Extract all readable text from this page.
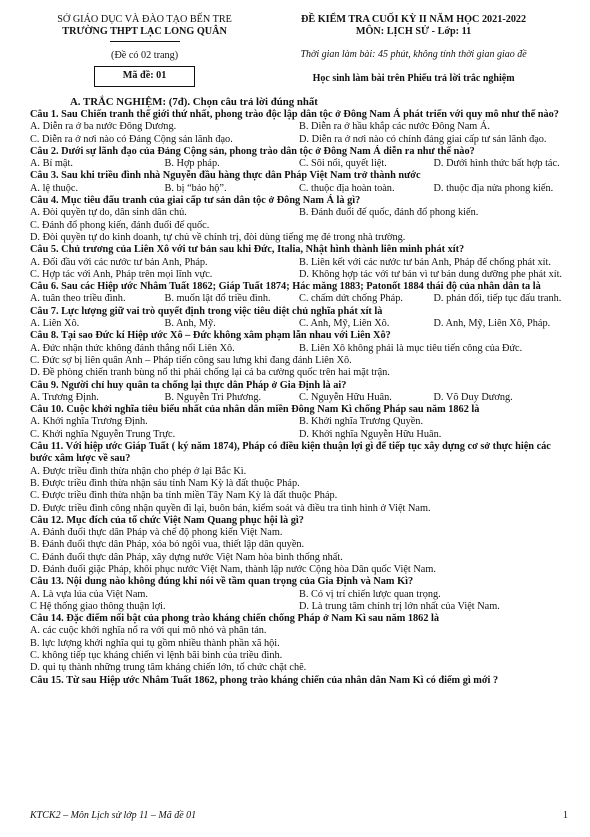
SỞ GIÁO DỤC VÀ ĐÀO TẠO BẾN TRE
TRƯỜNG THPT LẠC LONG QUÂN
(Đề có 02 trang)
Mã đề: 01
ĐỀ KIỂM TRA CUỐI KỲ II NĂM HỌC 2021-2022
MÔN: LỊCH SỬ - Lớp: 11
Thời gian làm bài: 45 phút, không tính thời gian giao đề
Học sinh làm bài trên Phiếu trả lời trắc nghiệm
A. TRẮC NGHIỆM: (7đ). Chọn câu trả lời đúng nhất
Câu 1. Sau Chiến tranh thế giới thứ nhất, phong trào độc lập dân tộc ở Đông Nam Á phát triển với quy mô như thế nào?
A. Diễn ra ở ba nước Đông Dương.	B. Diễn ra ở hầu khắp các nước Đông Nam Á.
C. Diễn ra ở nơi nào có Đảng Cộng sản lãnh đạo.	D. Diễn ra ở nơi nào có chính đảng giai cấp tư sản lãnh đạo.
Câu 2. Dưới sự lãnh đạo của Đảng Cộng sản, phong trào dân tộc ở Đông Nam Á diễn ra như thế nào?
A. Bí mật.	B. Hợp pháp.	C. Sôi nổi, quyết liệt.	D. Dưới hình thức bất hợp tác.
Câu 3. Sau khi triều đình nhà Nguyễn đầu hàng thực dân Pháp Việt Nam trở thành nước
A. lệ thuộc.	B. bị “bảo hộ”.	C. thuộc địa hoàn toàn.	D. thuộc địa nửa phong kiến.
Câu 4. Mục tiêu đấu tranh của giai cấp tư sản dân tộc ở Đông Nam Á là gì?
A. Đòi quyền tự do, dân sinh dân chủ.	B. Đánh đuổi đế quốc, đánh đổ phong kiến.
C. Đánh đổ phong kiến, đánh đuổi đế quốc.
D. Đòi quyền tự do kinh doanh, tự chủ về chính trị, đòi dùng tiếng mẹ đẻ trong nhà trường.
Câu 5. Chủ trương của Liên Xô với tư bản sau khi Đức, Italia, Nhật hình thành liên minh phát xít?
A. Đối đầu với các nước tư bản Anh, Pháp.	B. Liên kết với các nước tư bản Anh, Pháp để chống phát xít.
C. Hợp tác với Anh, Pháp trên mọi lĩnh vực.	D. Không hợp tác với tư bản vì tư bản dung dưỡng phe phát xít.
Câu 6. Sau các Hiệp ước Nhâm Tuất 1862; Giáp Tuất 1874; Hác măng 1883; Patonốt 1884 thái độ của nhân dân ta là
A. tuân theo triều đình.	B. muốn lật đổ triều đình.	C. chấm dứt chống Pháp.	D. phản đối, tiếp tục đấu tranh.
Câu 7. Lực lượng giữ vai trò quyết định trong việc tiêu diệt chủ nghĩa phát xít là
A. Liên Xô.	B. Anh, Mỹ.	C. Anh, Mỹ, Liên Xô.	D. Anh, Mỹ, Liên Xô, Pháp.
Câu 8. Tại sao Đức kí Hiệp ước Xô – Đức không xâm phạm lẫn nhau với Liên Xô?
A. Đức nhận thức không đánh thắng nổi Liên Xô.	B. Liên Xô không phải là mục tiêu tiến công của Đức.
C. Đức sợ bị liên quân Anh – Pháp tiến công sau lưng khi đang đánh Liên Xô.
D. Đề phòng chiến tranh bùng nổ thì phải chống lại cả ba cường quốc trên hai mặt trận.
Câu 9. Người chỉ huy quân ta chống lại thực dân Pháp ở Gia Định là ai?
A. Trương Định.	B. Nguyễn Tri Phương.	C. Nguyễn Hữu Huân.	D. Võ Duy Dương.
Câu 10. Cuộc khởi nghĩa tiêu biểu nhất của nhân dân miền Đông Nam Kì chống Pháp sau năm 1862 là
A. Khởi nghĩa Trương Định.	B. Khởi nghĩa Trương Quyền.
C. Khởi nghĩa Nguyễn Trung Trực.	D. Khởi nghĩa Nguyễn Hữu Huân.
Câu 11. Với hiệp ước Giáp Tuất ( ký năm 1874), Pháp có điều kiện thuận lợi gì để tiếp tục xây dựng cơ sở thực hiện các bước xâm lược về sau?
A. Được triều đình thừa nhận cho phép ở lại Bắc Kì.
B. Được triều đình thừa nhận sáu tỉnh Nam Kỳ là đất thuộc Pháp.
C. Được triều đình thừa nhận ba tỉnh miền Tây Nam Kỳ là đất thuộc Pháp.
D. Được triều đình công nhận quyền đi lại, buôn bán, kiểm soát và điều tra tình hình ở Việt Nam.
Câu 12. Mục đích của tổ chức Việt Nam Quang phục hội là gì?
A. Đánh đuổi thực dân Pháp và chế độ phong kiến Việt Nam.
B. Đánh đuổi thực dân Pháp, xóa bỏ ngôi vua, thiết lập dân quyền.
C. Đánh đuổi thực dân Pháp, xây dựng nước Việt Nam hòa bình thống nhất.
D. Đánh đuổi giặc Pháp, khôi phục nước Việt Nam, thành lập nước Cộng hòa Dân quốc Việt Nam.
Câu 13. Nội dung nào không đúng khi nói về tầm quan trọng của Gia Định và Nam Kì?
A. Là vựa lúa của Việt Nam.	B. Có vị trí chiến lược quan trọng.
C Hệ thống giao thông thuận lợi.	D. Là trung tâm chính trị lớn nhất của Việt Nam.
Câu 14. Đặc điểm nổi bật của phong trào kháng chiến chống Pháp ở Nam Kì sau năm 1862 là
A. các cuộc khởi nghĩa nổ ra với qui mô nhỏ và phân tán.
B. lực lượng khởi nghĩa qui tụ gồm nhiều thành phần xã hội.
C. không tiếp tục kháng chiến vì lệnh bãi binh của triều đình.
D. qui tụ thành những trung tâm kháng chiến lớn, tổ chức chặt chẽ.
Câu 15. Từ sau Hiệp ước Nhâm Tuất 1862, phong trào kháng chiến của nhân dân Nam Kì có điểm gì mới ?
KTCK2 – Môn Lịch sử lớp 11 – Mã đề 01	1
